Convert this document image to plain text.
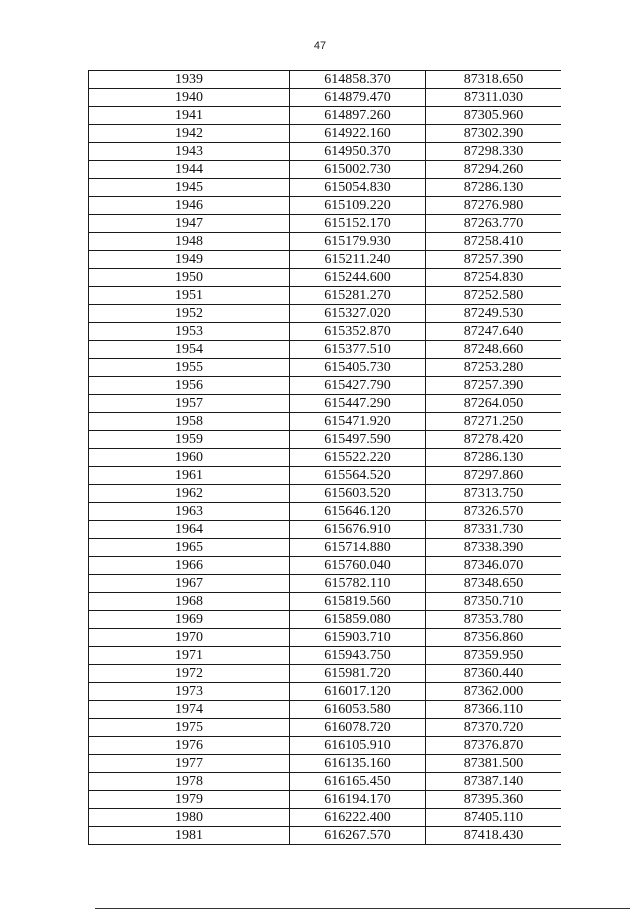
47
1939	614858.370	87318.650
1940	614879.470	87311.030
1941	614897.260	87305.960
1942	614922.160	87302.390
1943	614950.370	87298.330
1944	615002.730	87294.260
1945	615054.830	87286.130
1946	615109.220	87276.980
1947	615152.170	87263.770
1948	615179.930	87258.410
1949	615211.240	87257.390
1950	615244.600	87254.830
1951	615281.270	87252.580
1952	615327.020	87249.530
1953	615352.870	87247.640
1954	615377.510	87248.660
1955	615405.730	87253.280
1956	615427.790	87257.390
1957	615447.290	87264.050
1958	615471.920	87271.250
1959	615497.590	87278.420
1960	615522.220	87286.130
1961	615564.520	87297.860
1962	615603.520	87313.750
1963	615646.120	87326.570
1964	615676.910	87331.730
1965	615714.880	87338.390
1966	615760.040	87346.070
1967	615782.110	87348.650
1968	615819.560	87350.710
1969	615859.080	87353.780
1970	615903.710	87356.860
1971	615943.750	87359.950
1972	615981.720	87360.440
1973	616017.120	87362.000
1974	616053.580	87366.110
1975	616078.720	87370.720
1976	616105.910	87376.870
1977	616135.160	87381.500
1978	616165.450	87387.140
1979	616194.170	87395.360
1980	616222.400	87405.110
1981	616267.570	87418.430
